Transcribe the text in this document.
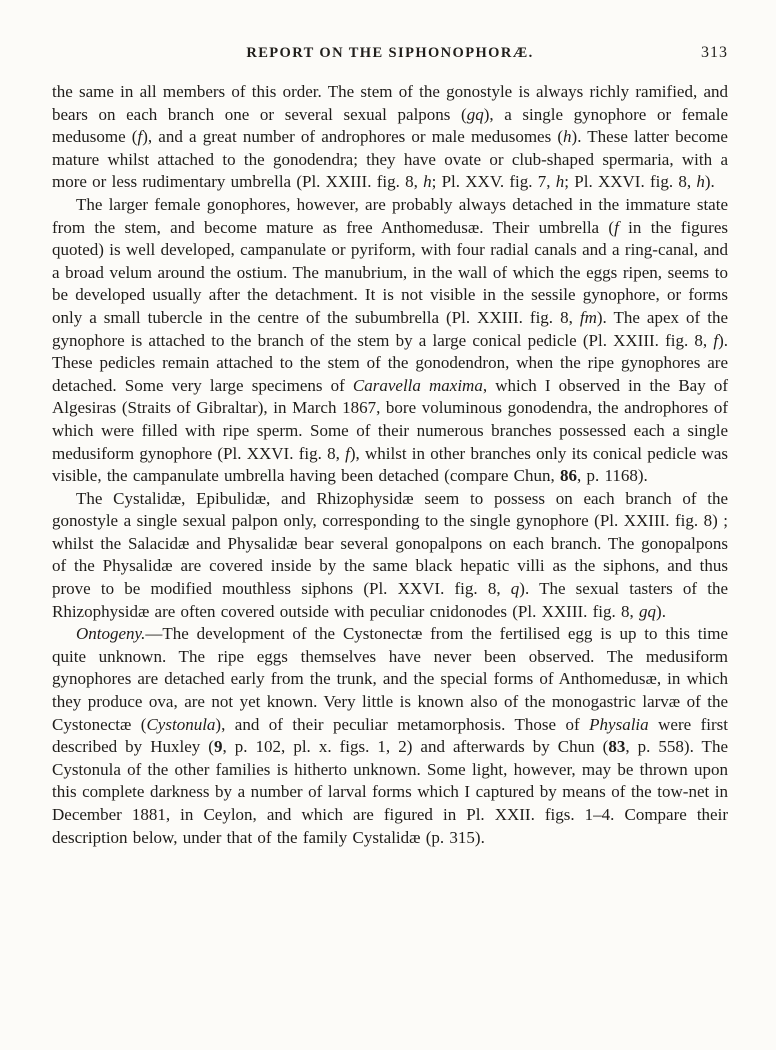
REPORT ON THE SIPHONOPHORÆ.	313

the same in all members of this order. The stem of the gonostyle is always richly ramified, and bears on each branch one or several sexual palpons (gq), a single gynophore or female medusome (f), and a great number of androphores or male medusomes (h). These latter become mature whilst attached to the gonodendra; they have ovate or club-shaped spermaria, with a more or less rudimentary umbrella (Pl. XXIII. fig. 8, h; Pl. XXV. fig. 7, h; Pl. XXVI. fig. 8, h).

The larger female gonophores, however, are probably always detached in the immature state from the stem, and become mature as free Anthomedusæ. Their umbrella (f in the figures quoted) is well developed, campanulate or pyriform, with four radial canals and a ring-canal, and a broad velum around the ostium. The manubrium, in the wall of which the eggs ripen, seems to be developed usually after the detachment. It is not visible in the sessile gynophore, or forms only a small tubercle in the centre of the subumbrella (Pl. XXIII. fig. 8, fm). The apex of the gynophore is attached to the branch of the stem by a large conical pedicle (Pl. XXIII. fig. 8, f). These pedicles remain attached to the stem of the gonodendron, when the ripe gynophores are detached. Some very large specimens of Caravella maxima, which I observed in the Bay of Algesiras (Straits of Gibraltar), in March 1867, bore voluminous gonodendra, the androphores of which were filled with ripe sperm. Some of their numerous branches possessed each a single medusiform gynophore (Pl. XXVI. fig. 8, f), whilst in other branches only its conical pedicle was visible, the campanulate umbrella having been detached (compare Chun, 86, p. 1168).

The Cystalidæ, Epibulidæ, and Rhizophysidæ seem to possess on each branch of the gonostyle a single sexual palpon only, corresponding to the single gynophore (Pl. XXIII. fig. 8) ; whilst the Salacidæ and Physalidæ bear several gonopalpons on each branch. The gonopalpons of the Physalidæ are covered inside by the same black hepatic villi as the siphons, and thus prove to be modified mouthless siphons (Pl. XXVI. fig. 8, q). The sexual tasters of the Rhizophysidæ are often covered outside with peculiar cnidonodes (Pl. XXIII. fig. 8, gq).

Ontogeny.—The development of the Cystonectæ from the fertilised egg is up to this time quite unknown. The ripe eggs themselves have never been observed. The medusiform gynophores are detached early from the trunk, and the special forms of Anthomedusæ, in which they produce ova, are not yet known. Very little is known also of the monogastric larvæ of the Cystonectæ (Cystonula), and of their peculiar metamorphosis. Those of Physalia were first described by Huxley (9, p. 102, pl. x. figs. 1, 2) and afterwards by Chun (83, p. 558). The Cystonula of the other families is hitherto unknown. Some light, however, may be thrown upon this complete darkness by a number of larval forms which I captured by means of the tow-net in December 1881, in Ceylon, and which are figured in Pl. XXII. figs. 1–4. Compare their description below, under that of the family Cystalidæ (p. 315).
